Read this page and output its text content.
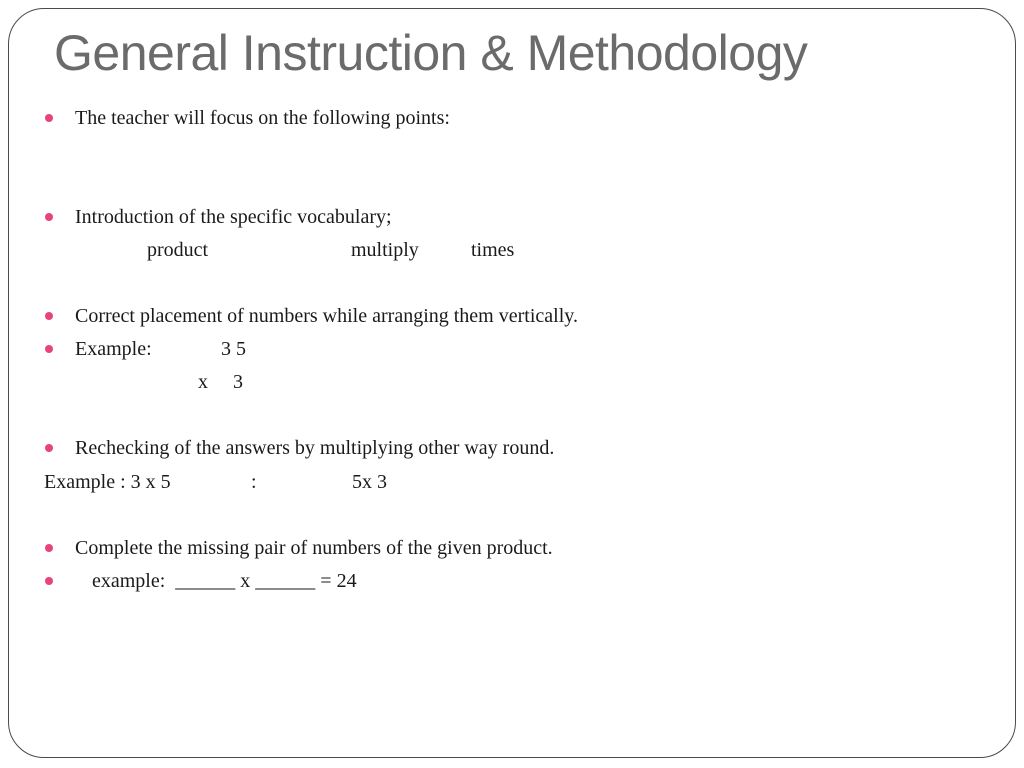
General Instruction & Methodology
The teacher will focus on the following points:
Introduction of the specific vocabulary;
product	multiply	times
Correct placement of numbers while arranging them vertically.
Example:	3 5
x 3
Rechecking of the answers by multiplying other way round.
Example : 3 x 5	:	5x 3
Complete the missing pair of numbers of the given product.
example:  ______ x ______ = 24
